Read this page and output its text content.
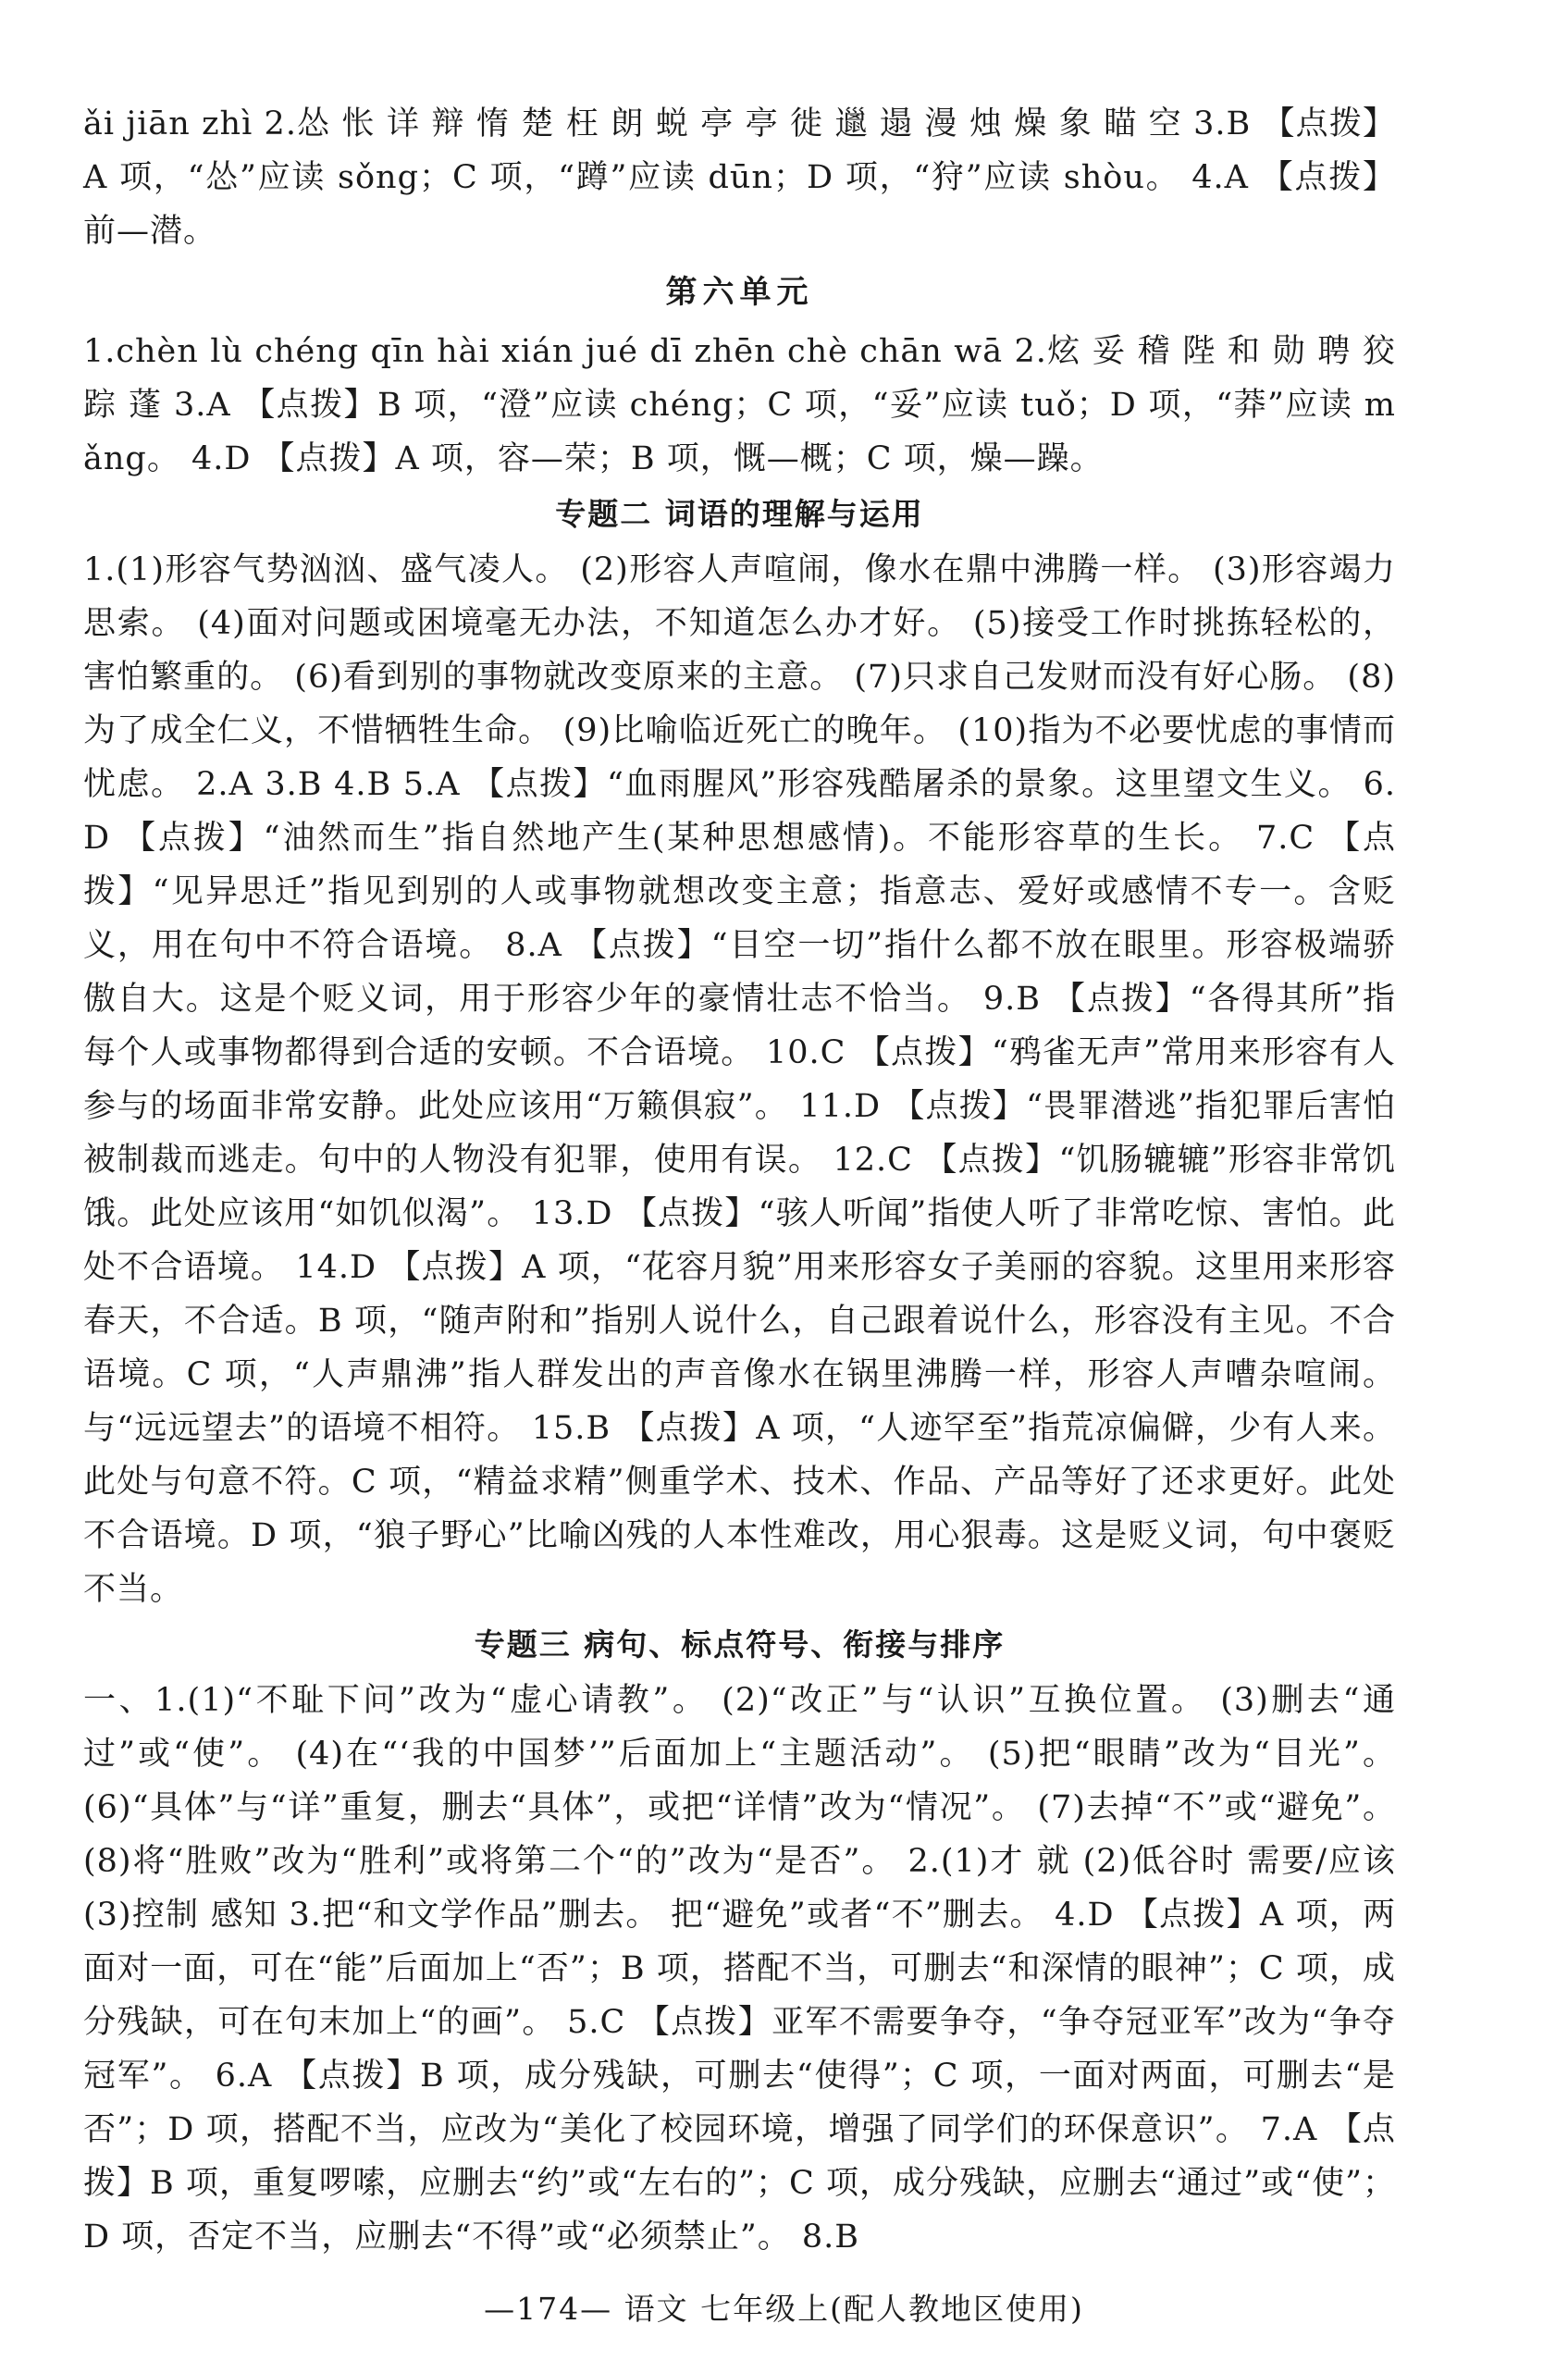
ǎi jiān zhì 2.怂 怅 详 辩 惰 楚 枉 朗 蜕 亭 亭 徙 邋 遢 漫 烛 燥 象 瞄 空 3.B 【点拨】A 项，“怂”应读 sǒng；C 项，“蹲”应读 dūn；D 项，“狩”应读 shòu。 4.A 【点拨】前—潜。

第六单元

1.chèn lù chéng qīn hài xián jué dī zhēn chè chān wā 2.炫 妥 稽 陛 和 勋 聘 狡 踪 蓬 3.A 【点拨】B 项，“澄”应读 chéng；C 项，“妥”应读 tuǒ；D 项，“莽”应读 mǎng。 4.D 【点拨】A 项，容—荣；B 项，慨—概；C 项，燥—躁。

专题二 词语的理解与运用

1.(1)形容气势汹汹、盛气凌人。 (2)形容人声喧闹，像水在鼎中沸腾一样。 (3)形容竭力思索。 (4)面对问题或困境毫无办法，不知道怎么办才好。 (5)接受工作时挑拣轻松的，害怕繁重的。 (6)看到别的事物就改变原来的主意。 (7)只求自己发财而没有好心肠。 (8)为了成全仁义，不惜牺牲生命。 (9)比喻临近死亡的晚年。 (10)指为不必要忧虑的事情而忧虑。 2.A 3.B 4.B 5.A 【点拨】“血雨腥风”形容残酷屠杀的景象。这里望文生义。 6.D 【点拨】“油然而生”指自然地产生(某种思想感情)。不能形容草的生长。 7.C 【点拨】“见异思迁”指见到别的人或事物就想改变主意；指意志、爱好或感情不专一。含贬义，用在句中不符合语境。 8.A 【点拨】“目空一切”指什么都不放在眼里。形容极端骄傲自大。这是个贬义词，用于形容少年的豪情壮志不恰当。 9.B 【点拨】“各得其所”指每个人或事物都得到合适的安顿。不合语境。 10.C 【点拨】“鸦雀无声”常用来形容有人参与的场面非常安静。此处应该用“万籁俱寂”。 11.D 【点拨】“畏罪潜逃”指犯罪后害怕被制裁而逃走。句中的人物没有犯罪，使用有误。 12.C 【点拨】“饥肠辘辘”形容非常饥饿。此处应该用“如饥似渴”。 13.D 【点拨】“骇人听闻”指使人听了非常吃惊、害怕。此处不合语境。 14.D 【点拨】A 项，“花容月貌”用来形容女子美丽的容貌。这里用来形容春天，不合适。B 项，“随声附和”指别人说什么，自己跟着说什么，形容没有主见。不合语境。C 项，“人声鼎沸”指人群发出的声音像水在锅里沸腾一样，形容人声嘈杂喧闹。与“远远望去”的语境不相符。 15.B 【点拨】A 项，“人迹罕至”指荒凉偏僻，少有人来。此处与句意不符。C 项，“精益求精”侧重学术、技术、作品、产品等好了还求更好。此处不合语境。D 项，“狼子野心”比喻凶残的人本性难改，用心狠毒。这是贬义词，句中褒贬不当。

专题三 病句、标点符号、衔接与排序

一、1.(1)“不耻下问”改为“虚心请教”。 (2)“改正”与“认识”互换位置。 (3)删去“通过”或“使”。 (4)在“‘我的中国梦’”后面加上“主题活动”。 (5)把“眼睛”改为“目光”。 (6)“具体”与“详”重复，删去“具体”，或把“详情”改为“情况”。 (7)去掉“不”或“避免”。 (8)将“胜败”改为“胜利”或将第二个“的”改为“是否”。 2.(1)才 就 (2)低谷时 需要/应该 (3)控制 感知 3.把“和文学作品”删去。 把“避免”或者“不”删去。 4.D 【点拨】A 项，两面对一面，可在“能”后面加上“否”；B 项，搭配不当，可删去“和深情的眼神”；C 项，成分残缺，可在句末加上“的画”。 5.C 【点拨】亚军不需要争夺，“争夺冠亚军”改为“争夺冠军”。 6.A 【点拨】B 项，成分残缺，可删去“使得”；C 项，一面对两面，可删去“是否”；D 项，搭配不当，应改为“美化了校园环境，增强了同学们的环保意识”。 7.A 【点拨】B 项，重复啰嗦，应删去“约”或“左右的”；C 项，成分残缺，应删去“通过”或“使”；D 项，否定不当，应删去“不得”或“必须禁止”。 8.B

—174— 语文 七年级上(配人教地区使用)
